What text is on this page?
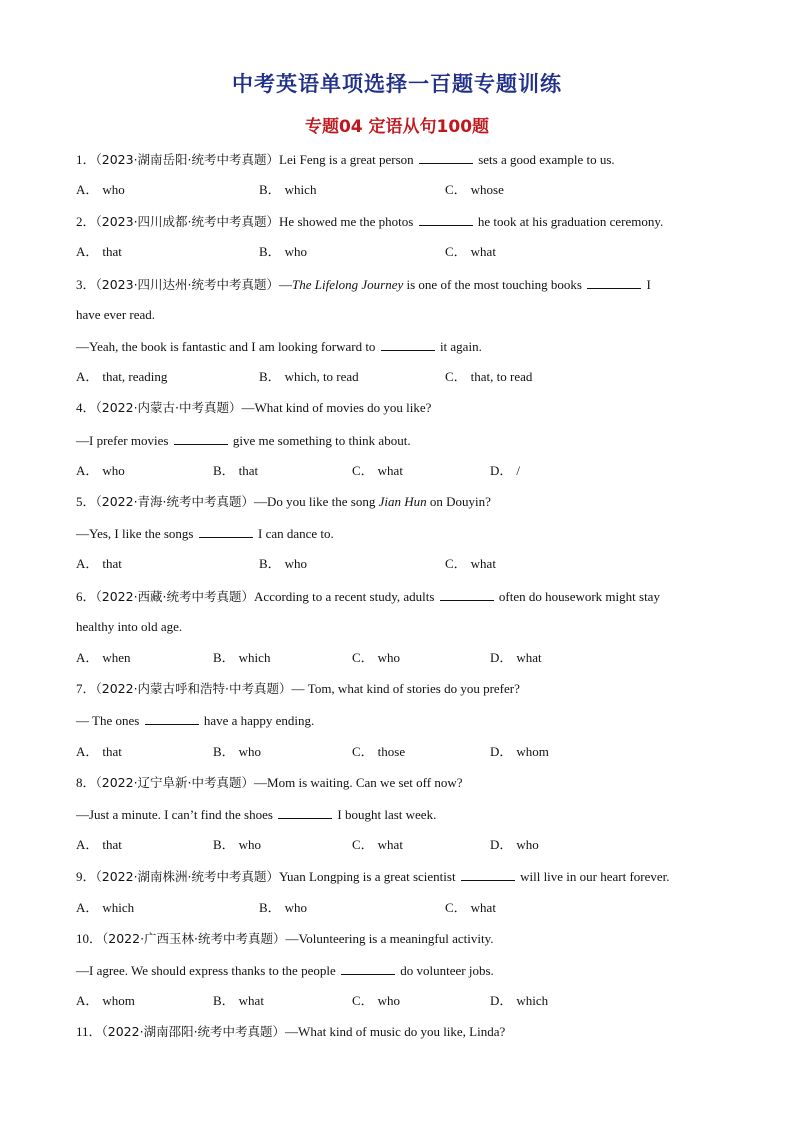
中考英语单项选择一百题专题训练
专题04 定语从句100题
1．（2023·湖南岳阳·统考中考真题）Lei Feng is a great person	sets a good example to us.
A． who	B． which	C． whose
2．（2023·四川成都·统考中考真题）He showed me the photos	he took at his graduation ceremony.
A． that	B． who	C． what
3．（2023·四川达州·统考中考真题）—The Lifelong Journey is one of the most touching books	I
have ever read.
—Yeah, the book is fantastic and I am looking forward to	it again.
A． that, reading	B． which, to read	C． that, to read
4．（2022·内蒙古·中考真题）—What kind of movies do you like?
—I prefer movies	give me something to think about.
A． who	B． that	C． what	D． /
5．（2022·青海·统考中考真题）—Do you like the song Jian Hun on Douyin?
—Yes, I like the songs	I can dance to.
A． that	B． who	C． what
6．（2022·西藏·统考中考真题）According to a recent study, adults	often do housework might stay
healthy into old age.
A． when	B． which	C． who	D． what
7．（2022·内蒙古呼和浩特·中考真题）— Tom, what kind of stories do you prefer?
— The ones	have a happy ending.
A． that	B． who	C． those	D． whom
8．（2022·辽宁阜新·中考真题）—Mom is waiting. Can we set off now?
—Just a minute. I can’t find the shoes	I bought last week.
A． that	B． who	C． what	D． who
9．（2022·湖南株洲·统考中考真题）Yuan Longping is a great scientist	will live in our heart forever.
A． which	B． who	C． what
10．（2022·广西玉林·统考中考真题）—Volunteering is a meaningful activity.
—I agree. We should express thanks to the people	do volunteer jobs.
A． whom	B． what	C． who	D． which
11．（2022·湖南邵阳·统考中考真题）—What kind of music do you like, Linda?
